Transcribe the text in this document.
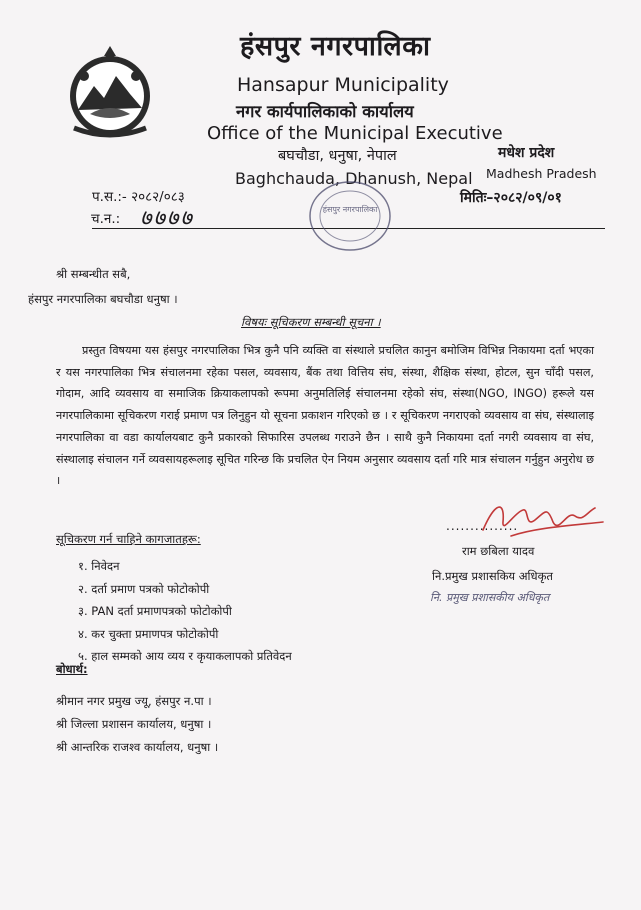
हंसपुर नगरपालिका
Hansapur Municipality
नगर कार्यपालिकाको कार्यालय
Office of the Municipal Executive
बघचौडा, धनुषा, नेपाल
Baghchauda, Dhanush, Nepal
मधेश प्रदेश
Madhesh Pradesh
प.स.:- २०८२/०८३
च.न.: ७७७७
मितिः–२०८२/०९/०१
हंसपुर नगरपालिका
श्री सम्बन्धीत सबै,
हंसपुर नगरपालिका बघचौडा धनुषा ।
विषयः सूचिकरण सम्बन्धी सूचना ।
प्रस्तुत विषयमा यस हंसपुर नगरपालिका भित्र कुनै पनि व्यक्ति वा संस्थाले प्रचलित कानुन बमोजिम विभिन्न निकायमा दर्ता भएका र यस नगरपालिका भित्र संचालनमा रहेका पसल, व्यवसाय, बैंक तथा वित्तिय संघ, संस्था, शैक्षिक संस्था, होटल, सुन चाँदी पसल, गोदाम, आदि व्यवसाय वा समाजिक क्रियाकलापको रूपमा अनुमतिलिई संचालनमा रहेको संघ, संस्था(NGO, INGO) हरूले यस नगरपालिकामा सूचिकरण गराई प्रमाण पत्र लिनुहुन यो सूचना प्रकाशन गरिएको छ । र सूचिकरण नगराएको व्यवसाय वा संघ, संस्थालाइ नगरपालिका वा वडा कार्यालयबाट कुनै प्रकारको सिफारिस उपलब्ध गराउने छैन । साथै कुनै निकायमा दर्ता नगरी व्यवसाय वा संघ, संस्थालाइ संचालन गर्ने व्यवसायहरूलाइ सूचित गरिन्छ कि प्रचलित ऐन नियम अनुसार व्यवसाय दर्ता गरि मात्र संचालन गर्नुहुन अनुरोध छ ।
...............
राम छबिला यादव
नि.प्रमुख प्रशासकिय अधिकृत
नि. प्रमुख प्रशासकीय अधिकृत
सूचिकरण गर्न चाहिने कागजातहरू:
१. निवेदन
२. दर्ता प्रमाण पत्रको फोटोकोपी
३. PAN दर्ता प्रमाणपत्रको फोटोकोपी
४. कर चुक्ता प्रमाणपत्र फोटोकोपी
५. हाल सम्मको आय व्यय र कृयाकलापको प्रतिवेदन
बोधार्थ:
श्रीमान नगर प्रमुख ज्यू, हंसपुर न.पा ।
श्री जिल्ला प्रशासन कार्यालय, धनुषा ।
श्री आन्तरिक राजश्व कार्यालय, धनुषा ।
